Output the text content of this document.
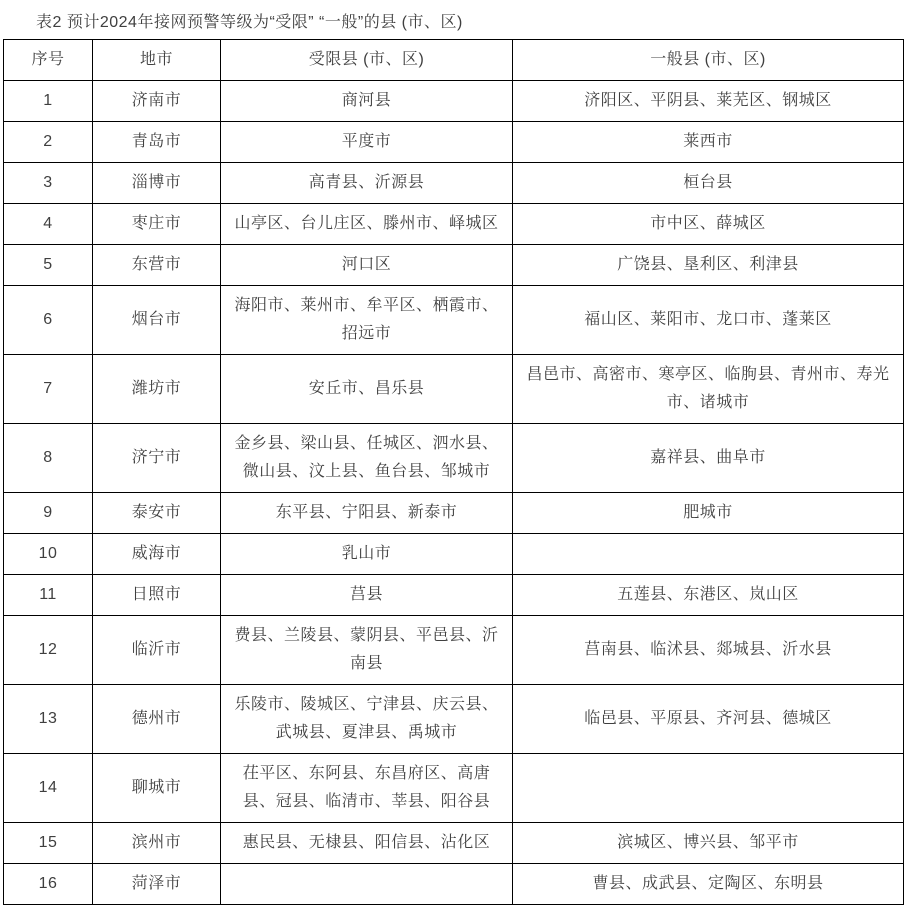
表2 预计2024年接网预警等级为“受限” “一般”的县 (市、区)
序号	地市	受限县 (市、区)	一般县 (市、区)
1	济南市	商河县	济阳区、平阴县、莱芜区、钢城区
2	青岛市	平度市	莱西市
3	淄博市	高青县、沂源县	桓台县
4	枣庄市	山亭区、台儿庄区、滕州市、峄城区	市中区、薛城区
5	东营市	河口区	广饶县、垦利区、利津县
6	烟台市	海阳市、莱州市、牟平区、栖霞市、招远市	福山区、莱阳市、龙口市、蓬莱区
7	潍坊市	安丘市、昌乐县	昌邑市、高密市、寒亭区、临朐县、青州市、寿光市、诸城市
8	济宁市	金乡县、梁山县、任城区、泗水县、微山县、汶上县、鱼台县、邹城市	嘉祥县、曲阜市
9	泰安市	东平县、宁阳县、新泰市	肥城市
10	威海市	乳山市	
11	日照市	莒县	五莲县、东港区、岚山区
12	临沂市	费县、兰陵县、蒙阴县、平邑县、沂南县	莒南县、临沭县、郯城县、沂水县
13	德州市	乐陵市、陵城区、宁津县、庆云县、武城县、夏津县、禹城市	临邑县、平原县、齐河县、德城区
14	聊城市	茌平区、东阿县、东昌府区、高唐县、冠县、临清市、莘县、阳谷县	
15	滨州市	惠民县、无棣县、阳信县、沾化区	滨城区、博兴县、邹平市
16	菏泽市		曹县、成武县、定陶区、东明县
